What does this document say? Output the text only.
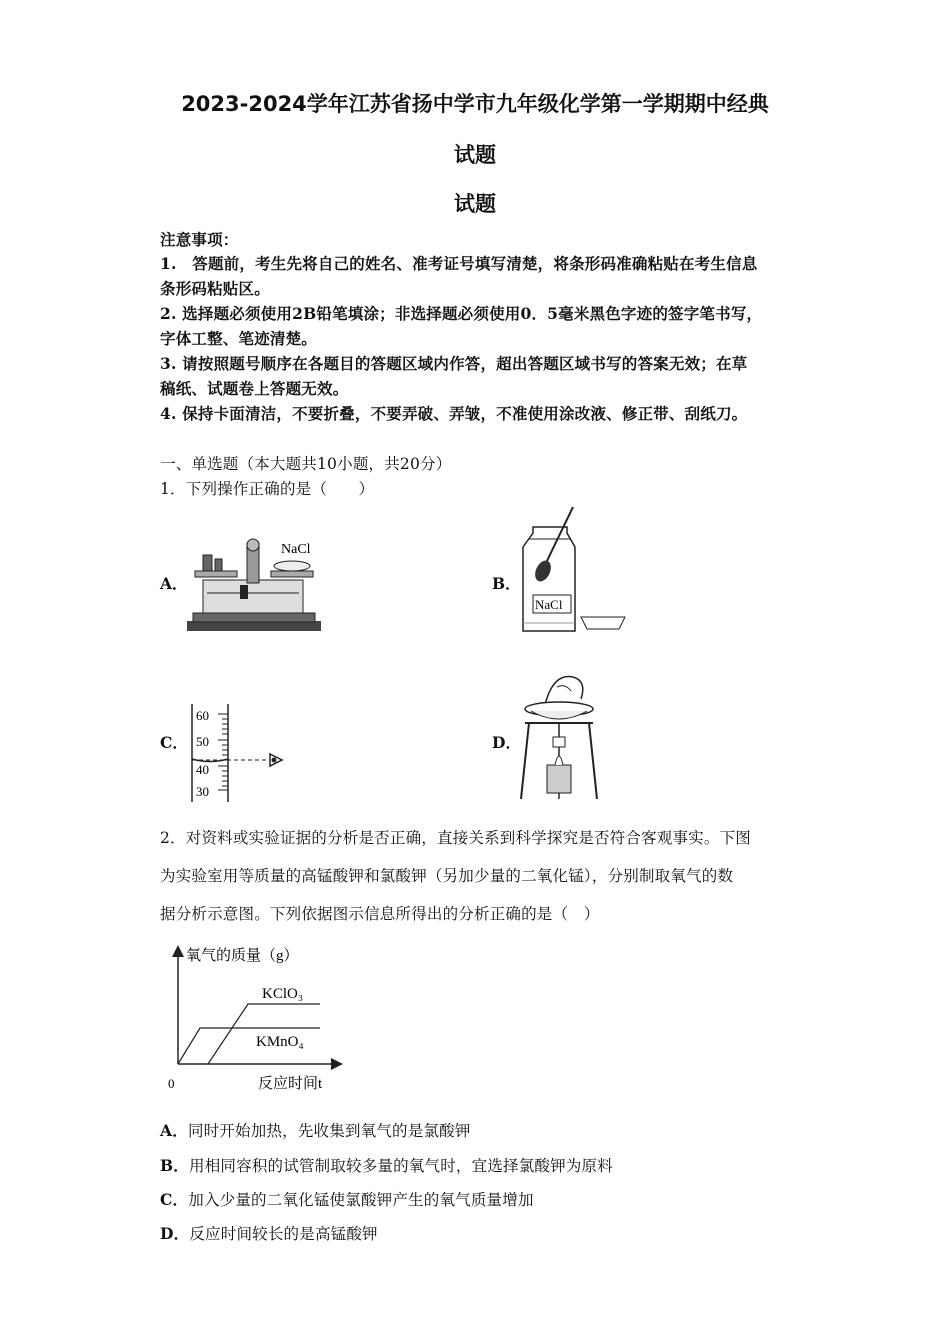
2023-2024学年江苏省扬中学市九年级化学第一学期期中经典
试题
试题
注意事项：
1.　答题前，考生先将自己的姓名、准考证号填写清楚，将条形码准确粘贴在考生信息
条形码粘贴区。
2. 选择题必须使用2B铅笔填涂；非选择题必须使用0．5毫米黑色字迹的签字笔书写，
字体工整、笔迹清楚。
3. 请按照题号顺序在各题目的答题区域内作答，超出答题区域书写的答案无效；在草
稿纸、试题卷上答题无效。
4. 保持卡面清洁，不要折叠，不要弄破、弄皱，不准使用涂改液、修正带、刮纸刀。
一、单选题（本大题共10小题，共20分）
1．下列操作正确的是（　　）
A．	B．
C．	D．
NaCl
NaCl
60
50
40
30
2．对资料或实验证据的分析是否正确，直接关系到科学探究是否符合客观事实。下图
为实验室用等质量的高锰酸钾和氯酸钾（另加少量的二氧化锰），分别制取氧气的数
据分析示意图。下列依据图示信息所得出的分析正确的是（　）
氧气的质量（g）
反应时间t
0
KClO₃
KMnO₄
A．同时开始加热，先收集到氧气的是氯酸钾
B．用相同容积的试管制取较多量的氧气时，宜选择氯酸钾为原料
C．加入少量的二氧化锰使氯酸钾产生的氧气质量增加
D．反应时间较长的是高锰酸钾
